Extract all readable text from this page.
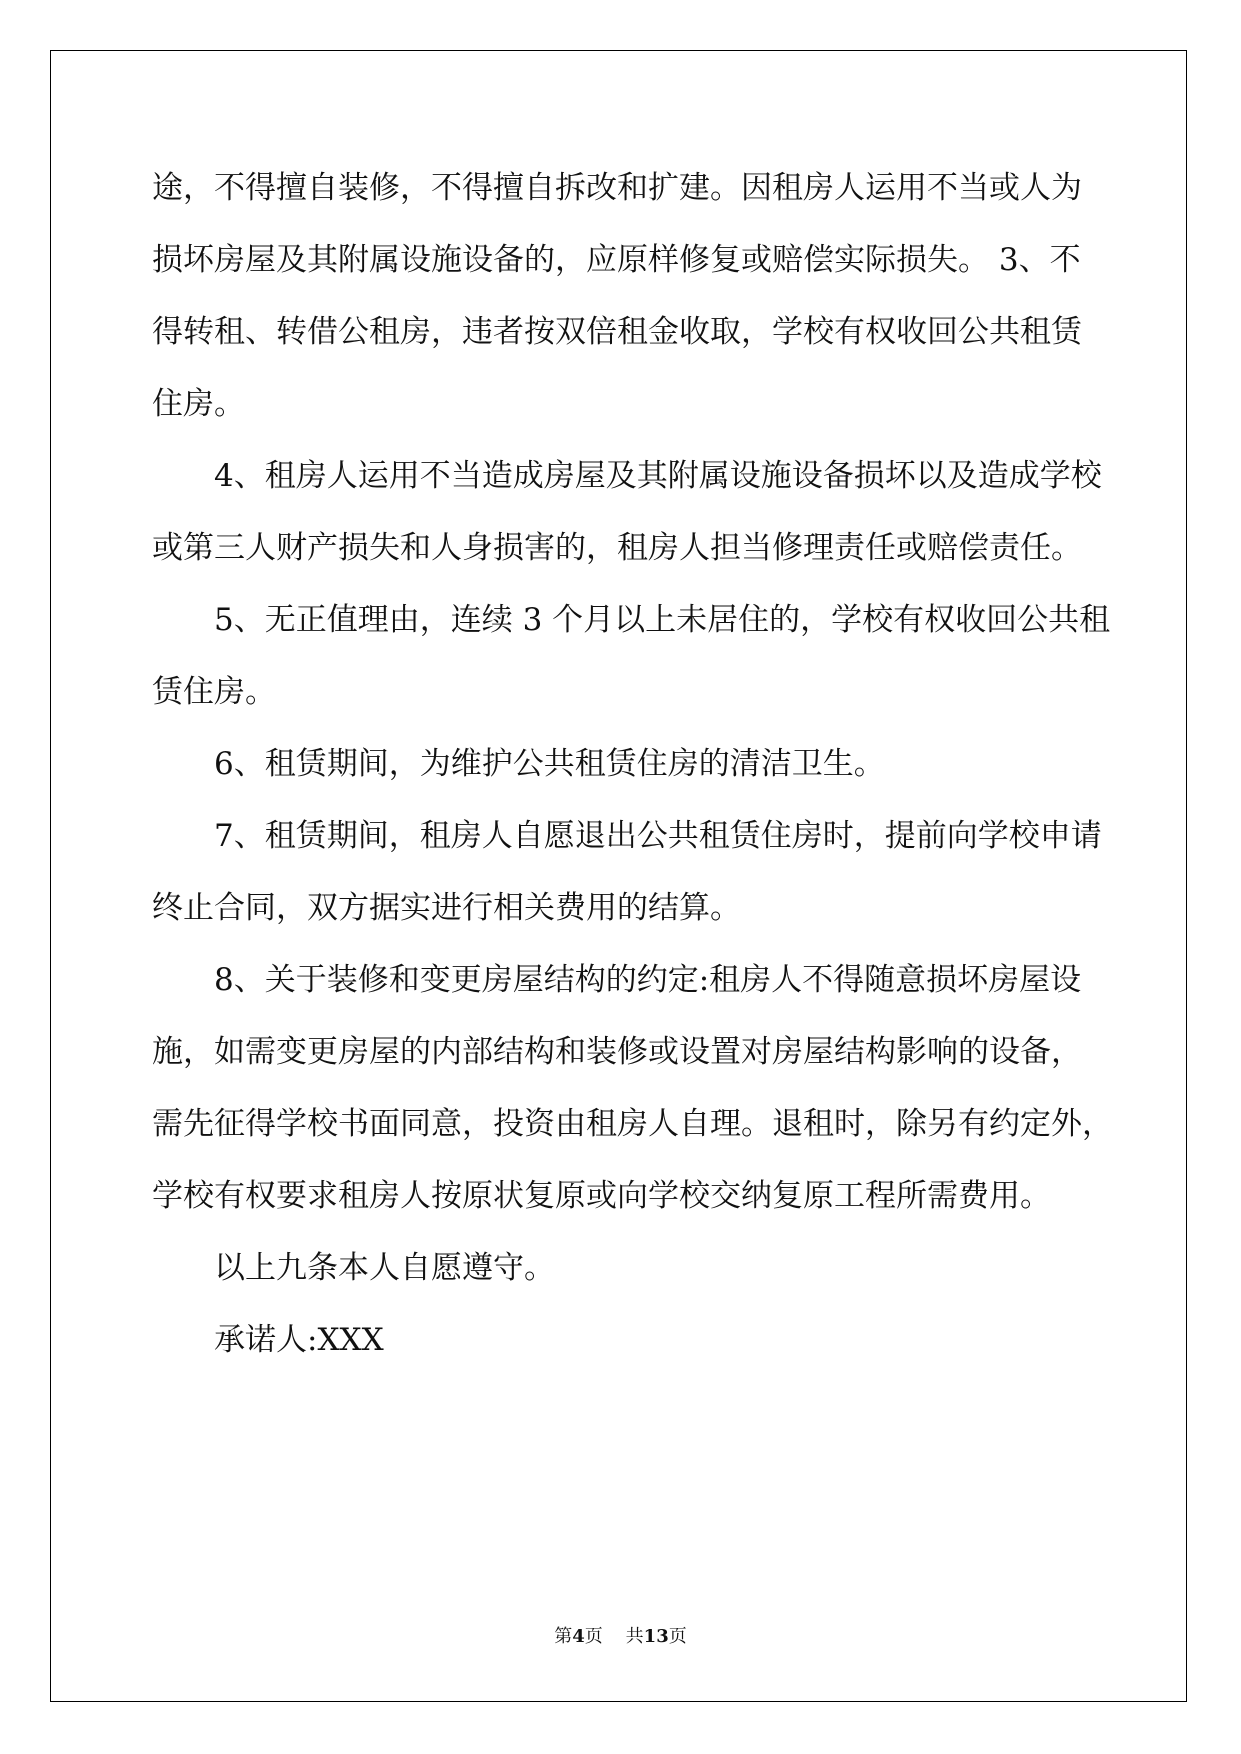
途，不得擅自装修，不得擅自拆改和扩建。因租房人运用不当或人为
损坏房屋及其附属设施设备的，应原样修复或赔偿实际损失。 3、不
得转租、转借公租房，违者按双倍租金收取，学校有权收回公共租赁
住房。
4、租房人运用不当造成房屋及其附属设施设备损坏以及造成学校
或第三人财产损失和人身损害的，租房人担当修理责任或赔偿责任。
5、无正值理由，连续 3 个月以上未居住的，学校有权收回公共租
赁住房。
6、租赁期间，为维护公共租赁住房的清洁卫生。
7、租赁期间，租房人自愿退出公共租赁住房时，提前向学校申请
终止合同，双方据实进行相关费用的结算。
8、关于装修和变更房屋结构的约定:租房人不得随意损坏房屋设
施，如需变更房屋的内部结构和装修或设置对房屋结构影响的设备，
需先征得学校书面同意，投资由租房人自理。退租时，除另有约定外，
学校有权要求租房人按原状复原或向学校交纳复原工程所需费用。
以上九条本人自愿遵守。
承诺人:XXX
第4页 共13页
